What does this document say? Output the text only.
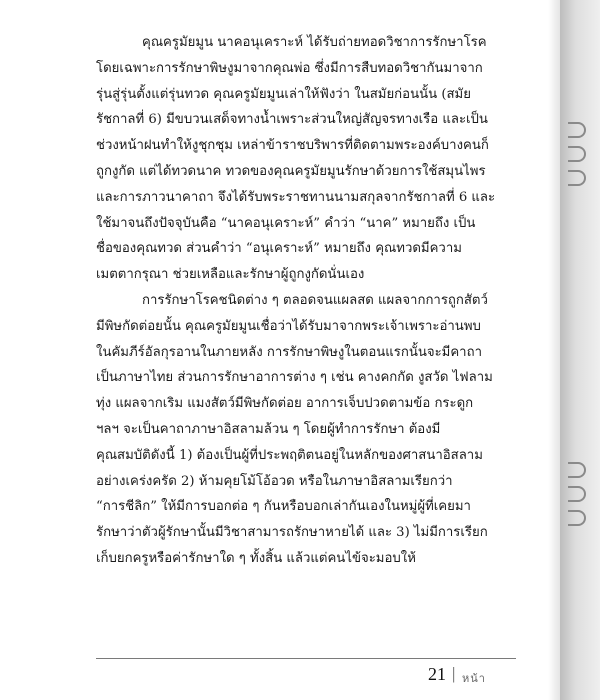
คุณครูมัยมูน นาคอนุเคราะห์ ได้รับถ่ายทอดวิชาการรักษาโรค
โดยเฉพาะการรักษาพิษงูมาจากคุณพ่อ ซึ่งมีการสืบทอดวิชากันมาจาก
รุ่นสู่รุ่นตั้งแต่รุ่นทวด คุณครูมัยมูนเล่าให้ฟังว่า ในสมัยก่อนนั้น (สมัย
รัชกาลที่ 6) มีขบวนเสด็จทางน้ำเพราะส่วนใหญ่สัญจรทางเรือ และเป็น
ช่วงหน้าฝนทำให้งูชุกชุม เหล่าข้าราชบริพารที่ติดตามพระองค์บางคนก็
ถูกงูกัด แต่ได้ทวดนาค ทวดของคุณครูมัยมูนรักษาด้วยการใช้สมุนไพร
และการภาวนาคาถา จึงได้รับพระราชทานนามสกุลจากรัชกาลที่ 6 และ
ใช้มาจนถึงปัจจุบันคือ “นาคอนุเคราะห์” คำว่า “นาค” หมายถึง เป็น
ชื่อของคุณทวด ส่วนคำว่า “อนุเคราะห์” หมายถึง คุณทวดมีความ
เมตตากรุณา ช่วยเหลือและรักษาผู้ถูกงูกัดนั่นเอง

การรักษาโรคชนิดต่าง ๆ ตลอดจนแผลสด แผลจากการถูกสัตว์
มีพิษกัดต่อยนั้น คุณครูมัยมูนเชื่อว่าได้รับมาจากพระเจ้าเพราะอ่านพบ
ในคัมภีร์อัลกุรอานในภายหลัง การรักษาพิษงูในตอนแรกนั้นจะมีคาถา
เป็นภาษาไทย ส่วนการรักษาอาการต่าง ๆ เช่น คางคกกัด งูสวัด ไฟลาม
ทุ่ง แผลจากเริม แมงสัตว์มีพิษกัดต่อย อาการเจ็บปวดตามข้อ กระดูก
ฯลฯ จะเป็นคาถาภาษาอิสลามล้วน ๆ โดยผู้ทำการรักษา ต้องมี
คุณสมบัติดังนี้ 1) ต้องเป็นผู้ที่ประพฤติตนอยู่ในหลักของศาสนาอิสลาม
อย่างเคร่งครัด 2) ห้ามคุยโม้โอ้อวด หรือในภาษาอิสลามเรียกว่า
“การชีลิก” ให้มีการบอกต่อ ๆ กันหรือบอกเล่ากันเองในหมู่ผู้ที่เคยมา
รักษาว่าตัวผู้รักษานั้นมีวิชาสามารถรักษาหายได้ และ 3) ไม่มีการเรียก
เก็บยกครูหรือค่ารักษาใด ๆ ทั้งสิ้น แล้วแต่คนไข้จะมอบให้

21 | หน้า
